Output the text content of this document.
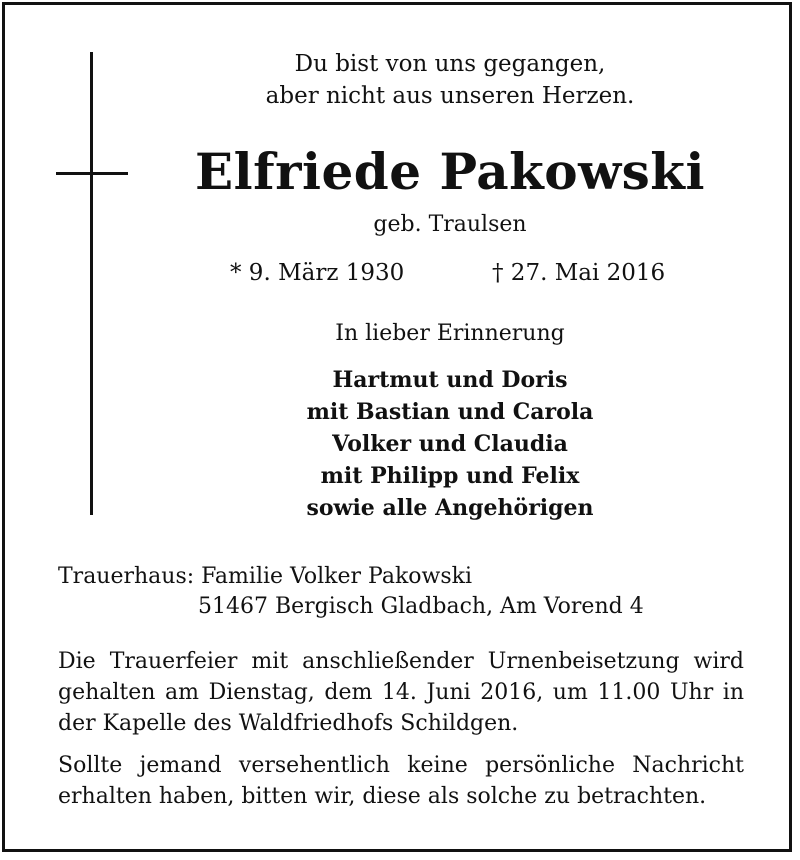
Du bist von uns gegangen,
aber nicht aus unseren Herzen.
Elfriede Pakowski
geb. Traulsen
* 9. März 1930	† 27. Mai 2016
In lieber Erinnerung
Hartmut und Doris
mit Bastian und Carola
Volker und Claudia
mit Philipp und Felix
sowie alle Angehörigen
Trauerhaus: Familie Volker Pakowski
51467 Bergisch Gladbach, Am Vorend 4
Die Trauerfeier mit anschließender Urnenbeisetzung wird gehalten am Dienstag, dem 14. Juni 2016, um 11.00 Uhr in der Kapelle des Waldfriedhofs Schildgen.
Sollte jemand versehentlich keine persönliche Nachricht erhalten haben, bitten wir, diese als solche zu betrachten.
